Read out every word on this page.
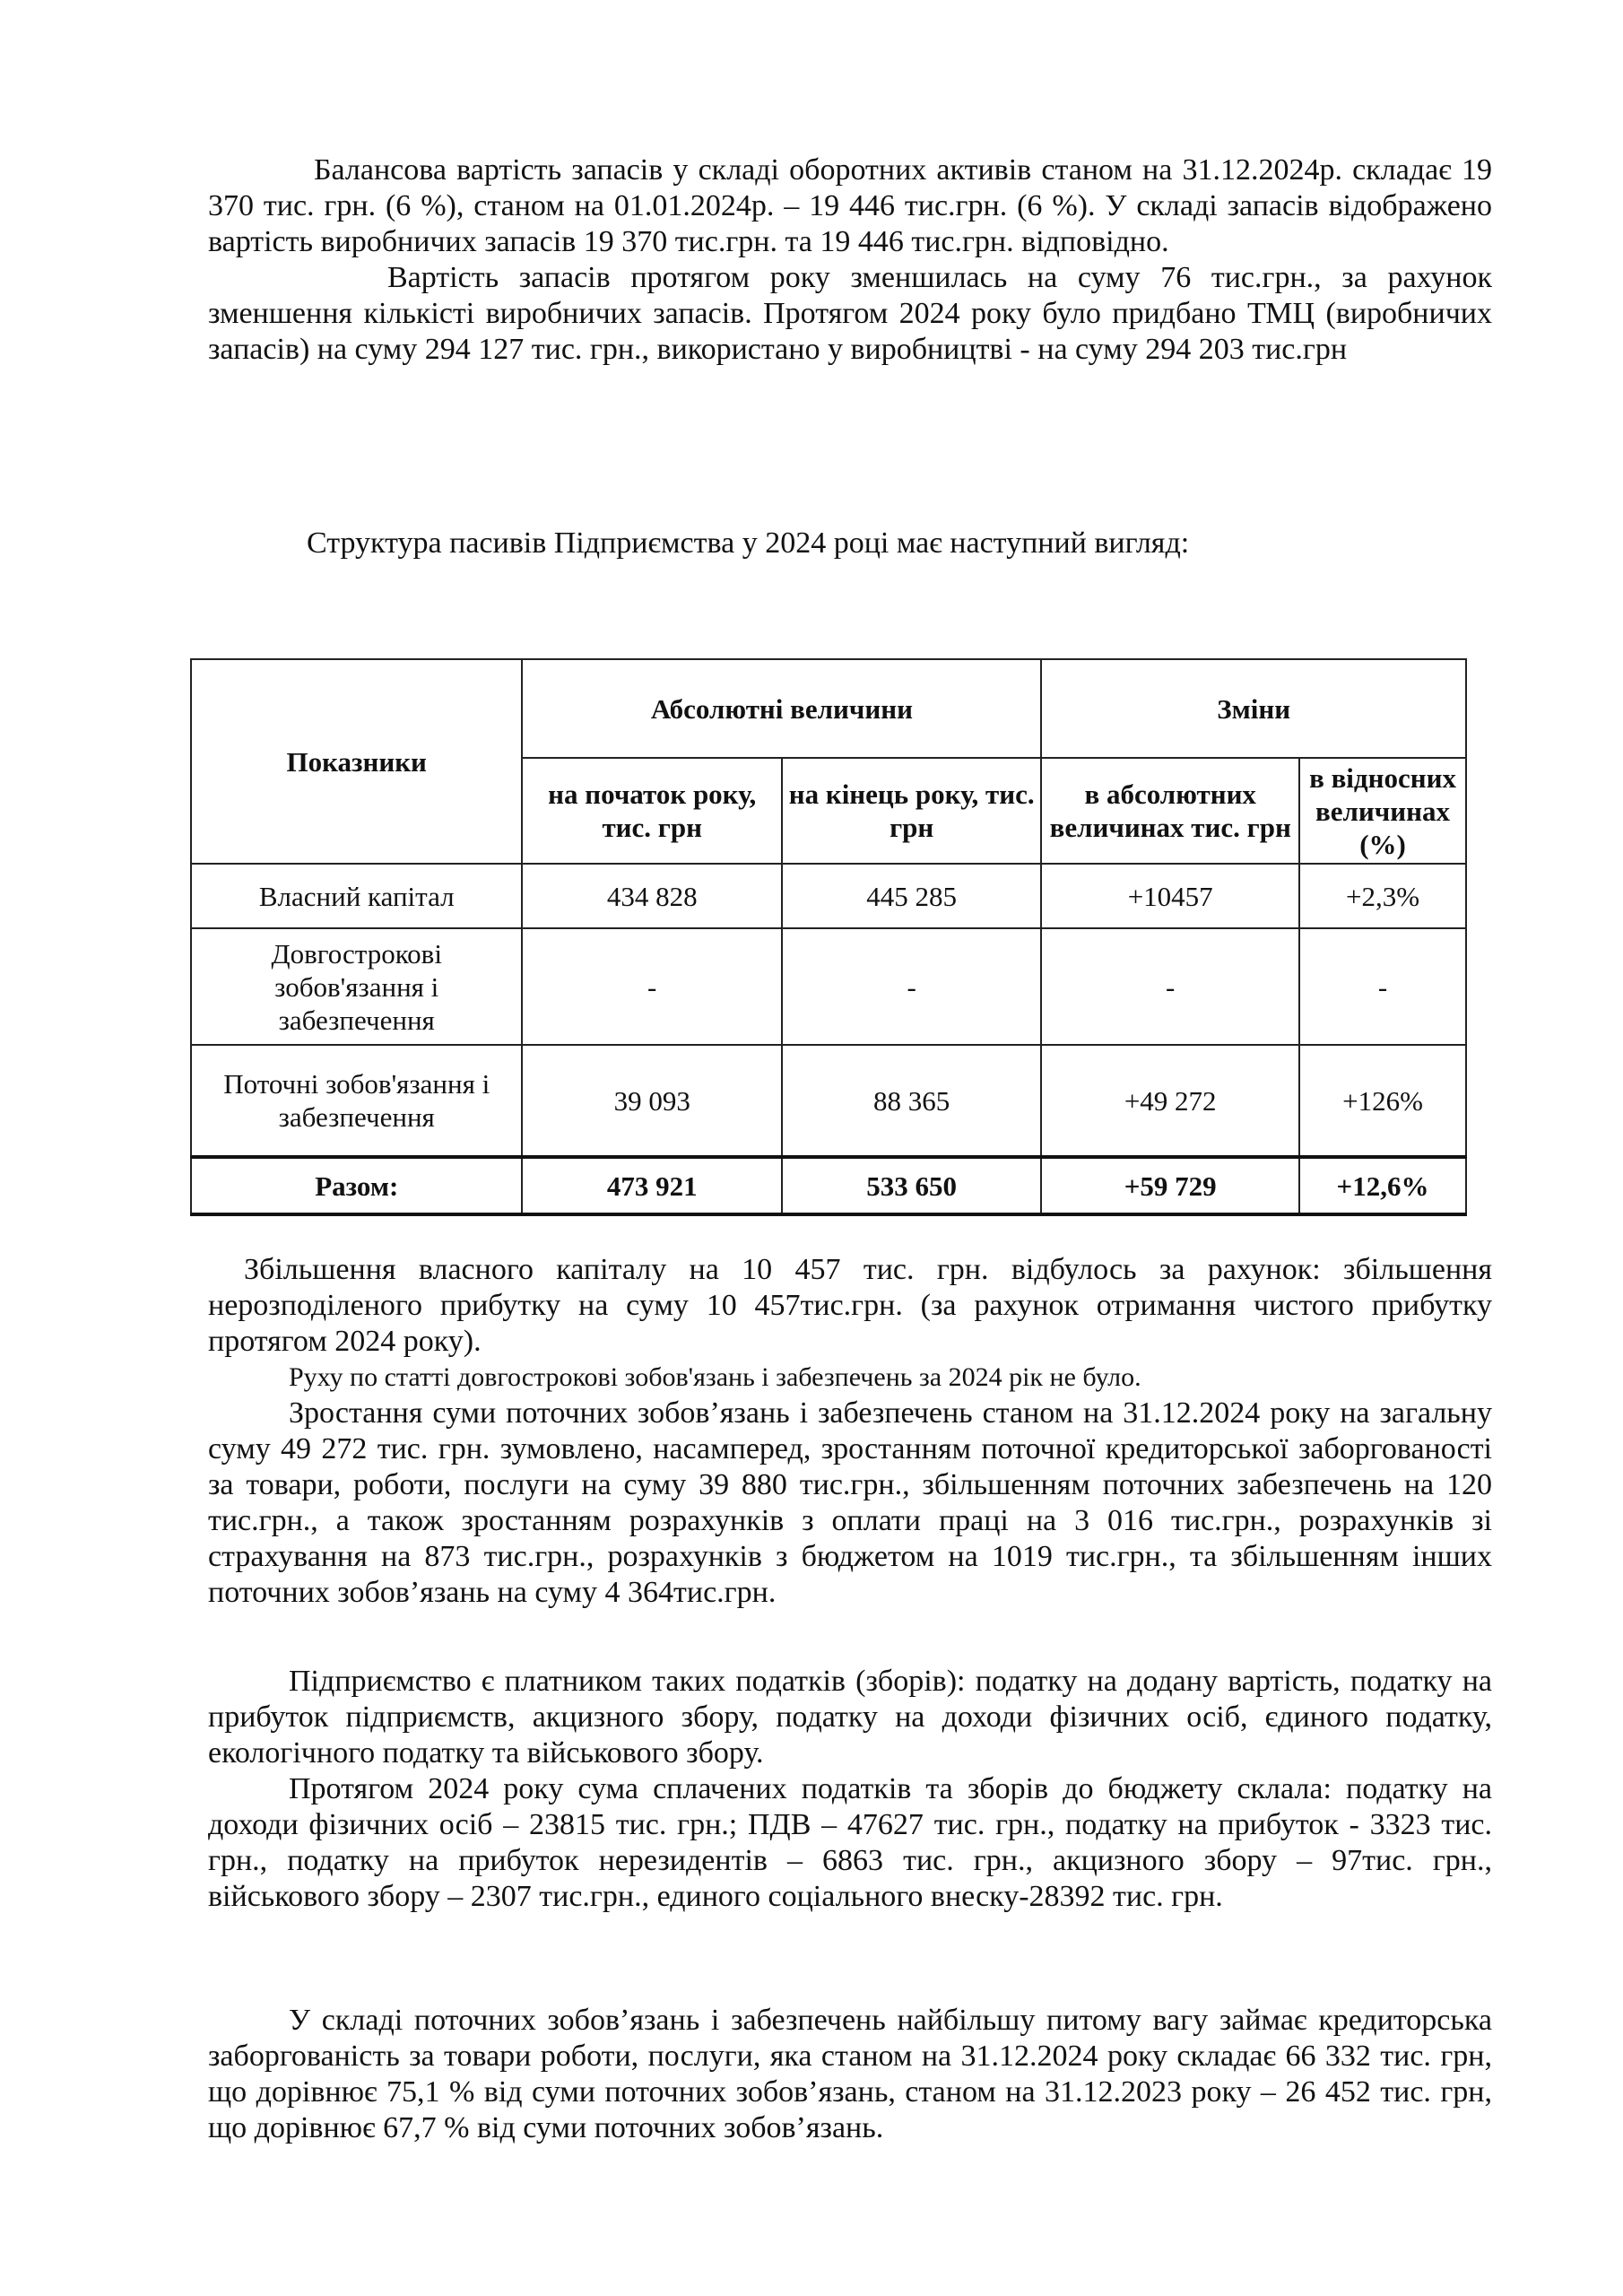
Балансова вартість запасів у складі оборотних активів станом на 31.12.2024р. складає 19 370 тис. грн. (6 %), станом на 01.01.2024р. – 19 446 тис.грн. (6 %). У складі запасів відображено вартість виробничих запасів 19 370 тис.грн. та 19 446 тис.грн. відповідно.

Вартість запасів протягом року зменшилась на суму 76 тис.грн., за рахунок зменшення кількісті виробничих запасів. Протягом 2024 року було придбано ТМЦ (виробничих запасів) на суму 294 127 тис. грн., використано у виробництві - на суму 294 203 тис.грн

Структура пасивів Підприємства у 2024 році має наступний вигляд:
Показники	Абсолютні величини		Зміни	
	на початок року, тис. грн	на кінець року, тис. грн	в абсолютних величинах тис. грн	в відносних величинах (%)
Власний капітал	434 828	445 285	+10457	+2,3%
Довгострокові зобов'язання і забезпечення	-	-	-	-
Поточні зобов'язання і забезпечення	39 093	88 365	+49 272	+126%
Разом:	473 921	533 650	+59 729	+12,6%

Збільшення власного капіталу на 10 457 тис. грн. відбулось за рахунок: збільшення нерозподіленого прибутку на суму 10 457тис.грн. (за рахунок отримання чистого прибутку протягом 2024 року).

Руху по статті довгострокові зобов'язань і забезпечень за 2024 рік не було.

Зростання суми поточних зобов’язань і забезпечень станом на 31.12.2024 року на загальну суму 49 272 тис. грн. зумовлено, насамперед, зростанням поточної кредиторської заборгованості за товари, роботи, послуги на суму 39 880 тис.грн., збільшенням поточних забезпечень на 120 тис.грн., а також зростанням розрахунків з оплати праці на 3 016 тис.грн., розрахунків зі страхування на 873 тис.грн., розрахунків з бюджетом на 1019 тис.грн., та збільшенням інших поточних зобов’язань на суму 4 364тис.грн.

Підприємство є платником таких податків (зборів): податку на додану вартість, податку на прибуток підприємств, акцизного збору, податку на доходи фізичних осіб, єдиного податку, екологічного податку та військового збору.

Протягом 2024 року сума сплачених податків та зборів до бюджету склала: податку на доходи фізичних осіб – 23815 тис. грн.; ПДВ – 47627 тис. грн., податку на прибуток - 3323 тис. грн., податку на прибуток нерезидентів – 6863 тис. грн., акцизного збору – 97тис. грн., військового збору – 2307 тис.грн., единого соціального внеску-28392 тис. грн.

У складі поточних зобов’язань і забезпечень найбільшу питому вагу займає кредиторська заборгованість за товари роботи, послуги, яка станом на 31.12.2024 року складає 66 332 тис. грн, що дорівнює 75,1 % від суми поточних зобов’язань, станом на 31.12.2023 року – 26 452 тис. грн, що дорівнює 67,7 % від суми поточних зобов’язань.
